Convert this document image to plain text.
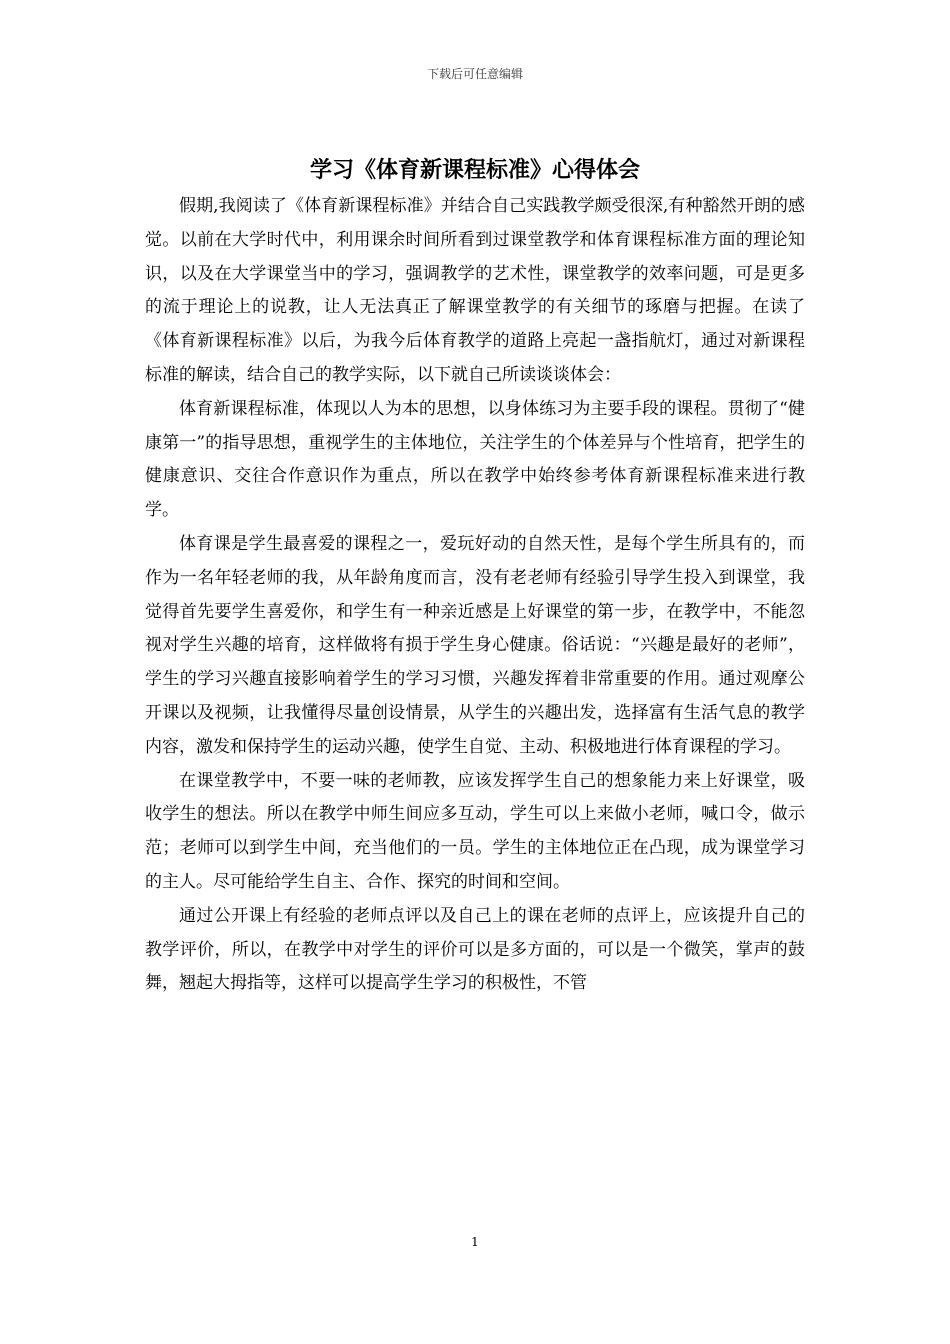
下载后可任意编辑
学习《体育新课程标准》心得体会

假期,我阅读了《体育新课程标准》并结合自己实践教学颇受很深,有种豁然开朗的感觉。以前在大学时代中，利用课余时间所看到过课堂教学和体育课程标准方面的理论知识，以及在大学课堂当中的学习，强调教学的艺术性，课堂教学的效率问题，可是更多的流于理论上的说教，让人无法真正了解课堂教学的有关细节的琢磨与把握。在读了《体育新课程标准》以后，为我今后体育教学的道路上亮起一盏指航灯，通过对新课程标准的解读，结合自己的教学实际，以下就自己所读谈谈体会：

体育新课程标准，体现以人为本的思想，以身体练习为主要手段的课程。贯彻了“健康第一”的指导思想，重视学生的主体地位，关注学生的个体差异与个性培育，把学生的健康意识、交往合作意识作为重点，所以在教学中始终参考体育新课程标准来进行教学。

体育课是学生最喜爱的课程之一，爱玩好动的自然天性，是每个学生所具有的，而作为一名年轻老师的我，从年龄角度而言，没有老老师有经验引导学生投入到课堂，我觉得首先要学生喜爱你，和学生有一种亲近感是上好课堂的第一步，在教学中，不能忽视对学生兴趣的培育，这样做将有损于学生身心健康。俗话说：“兴趣是最好的老师”，学生的学习兴趣直接影响着学生的学习习惯，兴趣发挥着非常重要的作用。通过观摩公开课以及视频，让我懂得尽量创设情景，从学生的兴趣出发，选择富有生活气息的教学内容，激发和保持学生的运动兴趣，使学生自觉、主动、积极地进行体育课程的学习。

在课堂教学中，不要一味的老师教，应该发挥学生自己的想象能力来上好课堂，吸收学生的想法。所以在教学中师生间应多互动，学生可以上来做小老师，喊口令，做示范；老师可以到学生中间，充当他们的一员。学生的主体地位正在凸现，成为课堂学习的主人。尽可能给学生自主、合作、探究的时间和空间。

通过公开课上有经验的老师点评以及自己上的课在老师的点评上，应该提升自己的教学评价，所以，在教学中对学生的评价可以是多方面的，可以是一个微笑，掌声的鼓舞，翘起大拇指等，这样可以提高学生学习的积极性，不管

1
